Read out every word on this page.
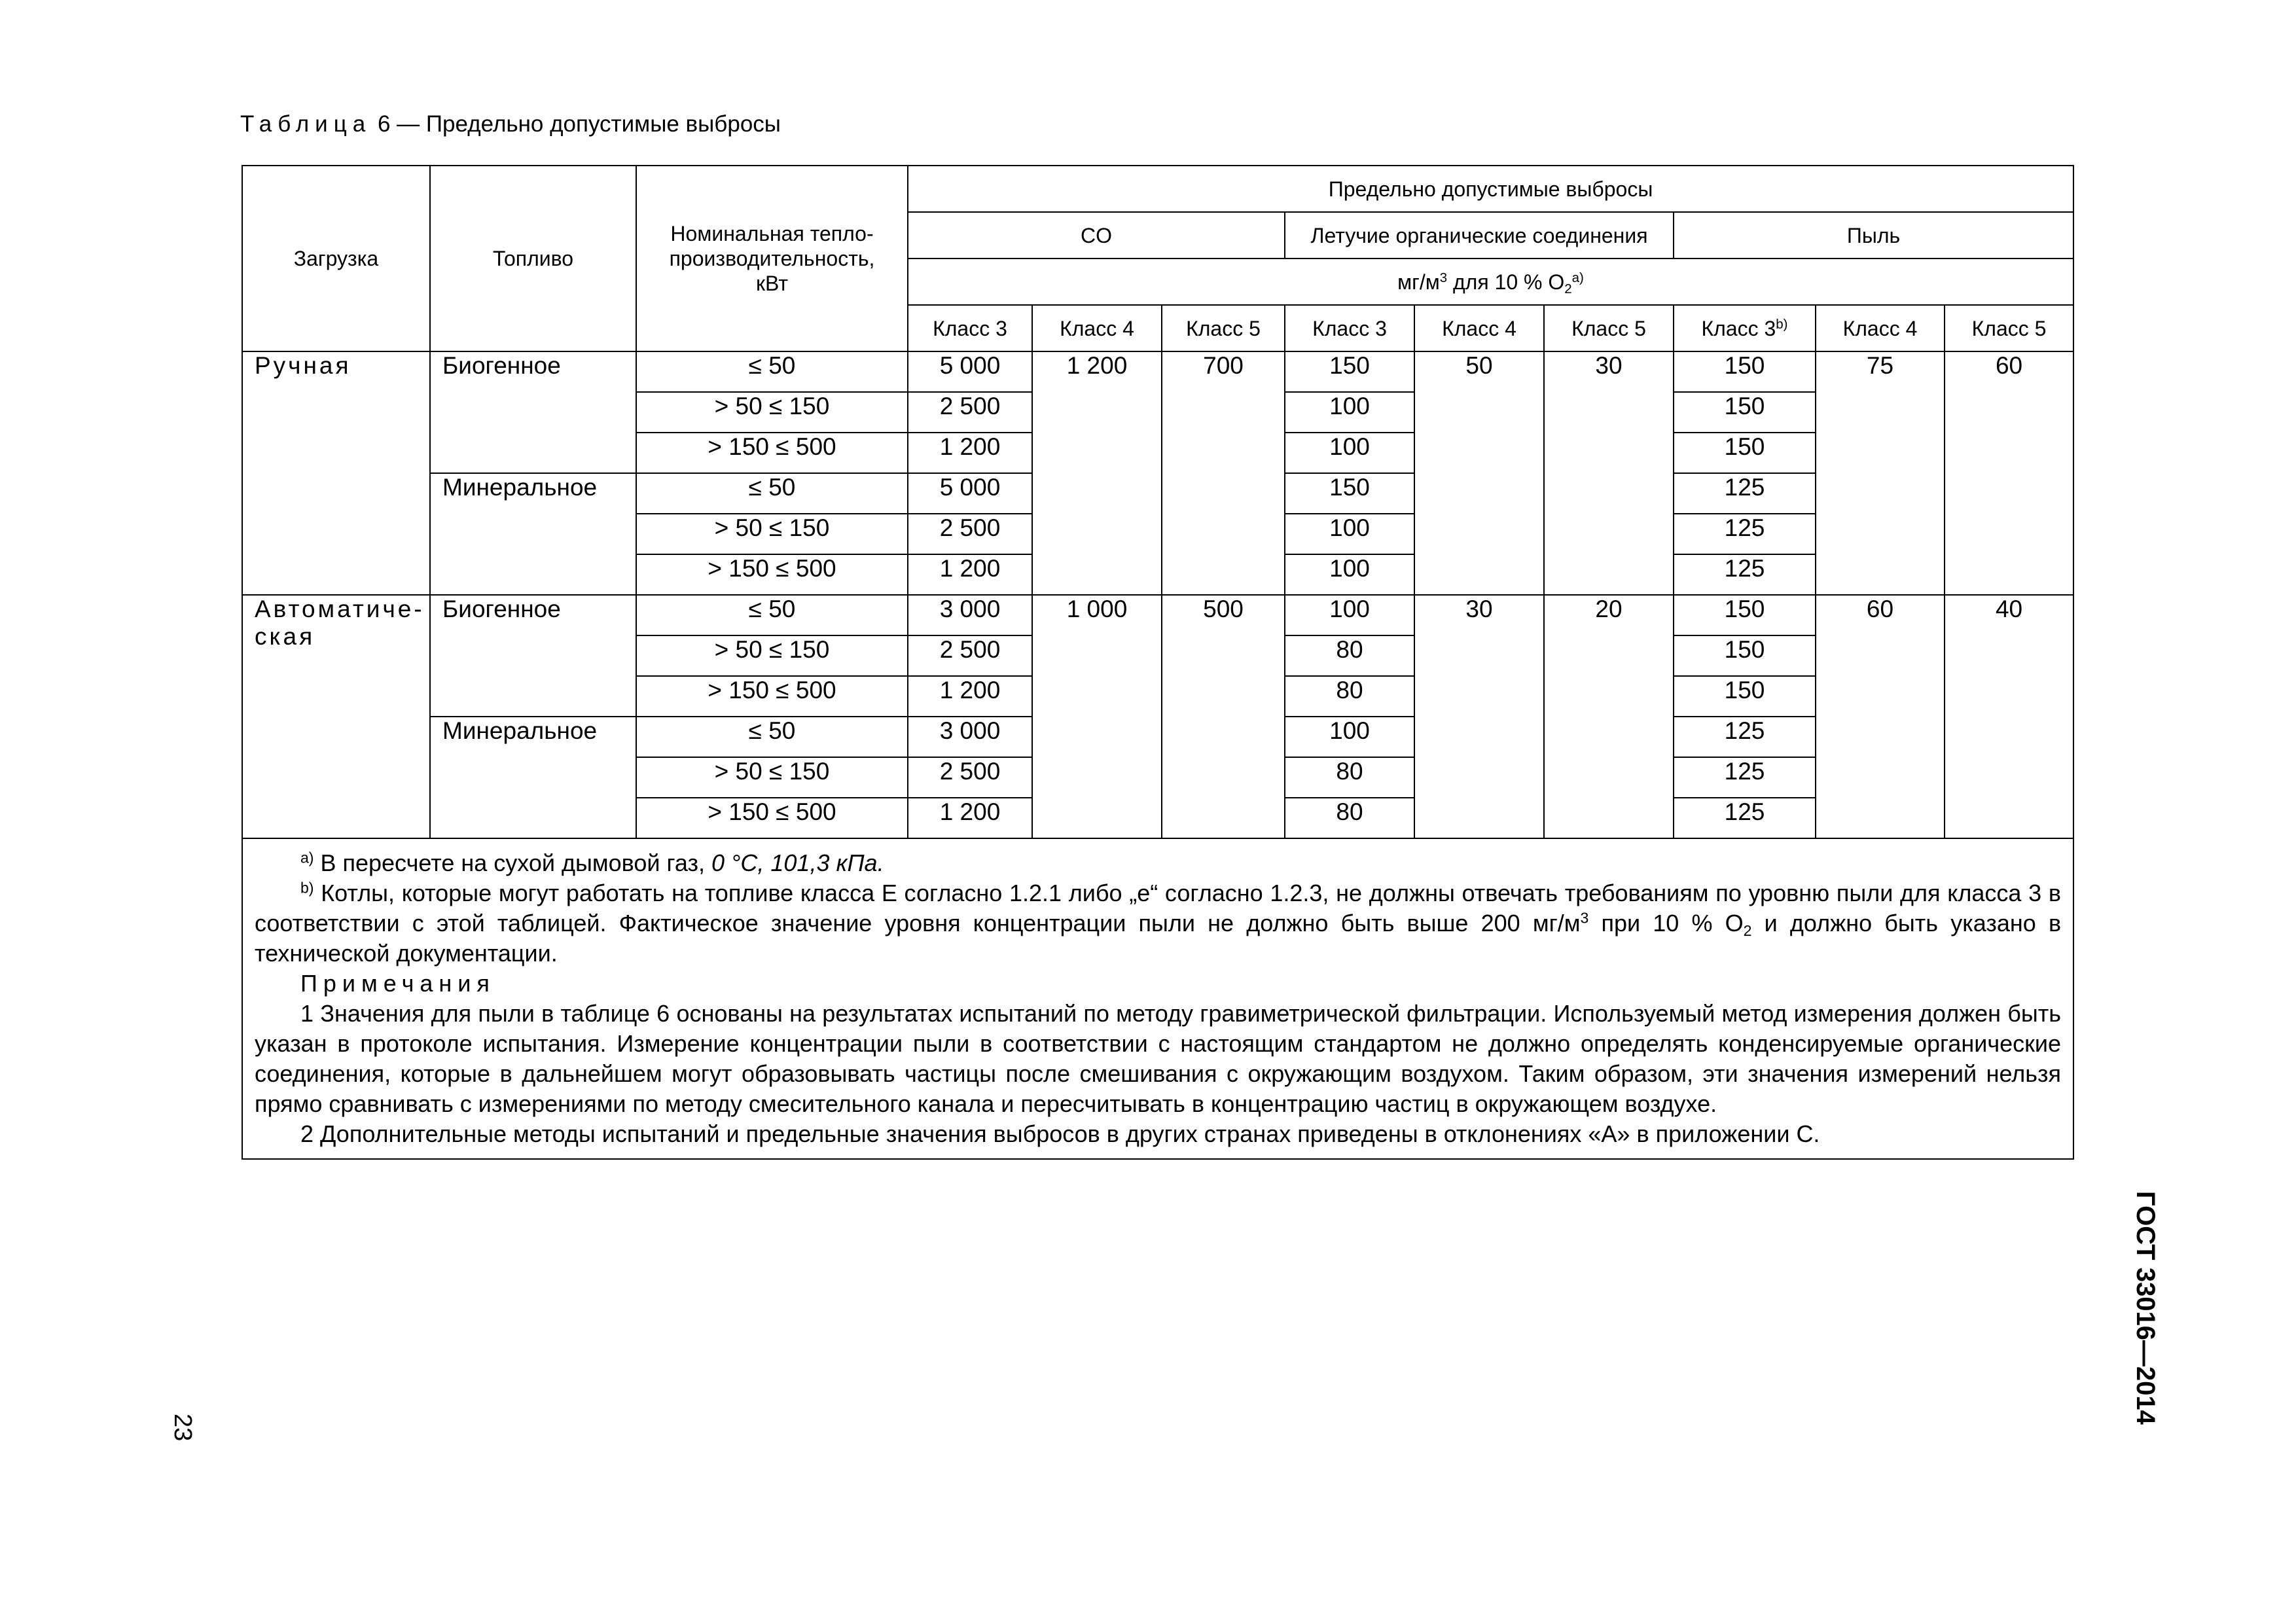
Таблица 6 — Предельно допустимые выбросы
Загрузка	Топливо	Номинальная тепло-производительность, кВт	Предельно допустимые выбросы								
			CO			Летучие органические соединения			Пыль		
			$мг/м^3$ для 10 % $O_2^{a)}$
			Класс 3	Класс 4	Класс 5	Класс 3	Класс 4	Класс 5	Класс 3$^{b)}$	Класс 4	Класс 5
Ручная	Биогенное	≤ 50	5 000	1 200	700	150	50	30	150	75	60
		> 50 ≤ 150	2 500			100			150		
		> 150 ≤ 500	1 200			100			150		
	Минеральное	≤ 50	5 000			150			125		
		> 50 ≤ 150	2 500			100			125		
		> 150 ≤ 500	1 200			100			125		
Автоматиче-ская	Биогенное	≤ 50	3 000	1 000	500	100	30	20	150	60	40
		> 50 ≤ 150	2 500			80			150		
		> 150 ≤ 500	1 200			80			150		
	Минеральное	≤ 50	3 000			100			125		
		> 50 ≤ 150	2 500			80			125		
		> 150 ≤ 500	1 200			80			125		

$^{a)}$ В пересчете на сухой дымовой газ, 0 °С, 101,3 кПа.

$^{b)}$ Котлы, которые могут работать на топливе класса Е согласно 1.2.1 либо „е“ согласно 1.2.3, не должны отвечать требованиям по уровню пыли для класса 3 в соответствии с этой таблицей. Фактическое значение уровня концентрации пыли не должно быть выше 200 $мг/м^3$ при 10 % $O_2$ и должно быть указано в технической документации.

Примечания

1 Значения для пыли в таблице 6 основаны на результатах испытаний по методу гравиметрической фильтрации. Используемый метод измерения должен быть указан в протоколе испытания. Измерение концентрации пыли в соответствии с настоящим стандартом не должно определять конденсируемые органические соединения, которые в дальнейшем могут образовывать частицы после смешивания с окружающим воздухом. Таким образом, эти значения измерений нельзя прямо сравнивать с измерениями по методу смесительного канала и пересчитывать в концентрацию частиц в окружающем воздухе.

2 Дополнительные методы испытаний и предельные значения выбросов в других странах приведены в отклонениях «А» в приложении С.											

23
ГОСТ 33016—2014
